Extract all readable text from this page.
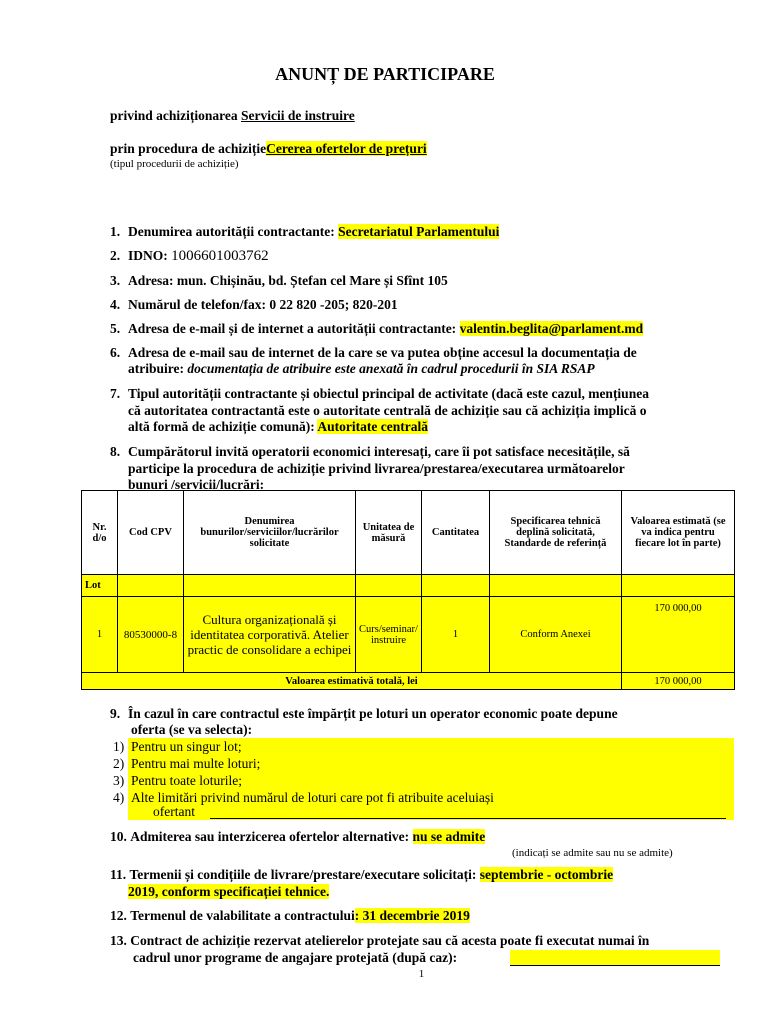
ANUNȚ DE PARTICIPARE
privind achiziționarea Servicii de instruire
prin procedura de achizițieCererea ofertelor de prețuri
(tipul procedurii de achiziție)
1. Denumirea autorității contractante: Secretariatul Parlamentului
2. IDNO: 1006601003762
3. Adresa: mun. Chișinău, bd. Ștefan cel Mare și Sfînt 105
4. Numărul de telefon/fax: 0 22 820 -205; 820-201
5. Adresa de e-mail și de internet a autorității contractante: valentin.beglita@parlament.md
6. Adresa de e-mail sau de internet de la care se va putea obține accesul la documentația de
atribuire: documentația de atribuire este anexată în cadrul procedurii în SIA RSAP
7. Tipul autorității contractante și obiectul principal de activitate (dacă este cazul, mențiunea
că autoritatea contractantă este o autoritate centrală de achiziție sau că achiziția implică o
altă formă de achiziție comună): Autoritate centrală
8. Cumpărătorul invită operatorii economici interesați, care îi pot satisface necesitățile, să
participe la procedura de achiziție privind livrarea/prestarea/executarea următoarelor
bunuri /servicii/lucrări:
Nr. d/o	Cod CPV	Denumirea bunurilor/serviciilor/lucrărilor solicitate	Unitatea de măsură	Cantitatea	Specificarea tehnică deplină solicitată, Standarde de referință	Valoarea estimată (se va indica pentru fiecare lot în parte)
Lot						
1	80530000-8	Cultura organizațională și identitatea corporativă. Atelier practic de consolidare a echipei	Curs/seminar/instruire	1	Conform Anexei	170 000,00
Valoarea estimativă totală, lei						170 000,00
9. În cazul în care contractul este împărțit pe loturi un operator economic poate depune
oferta (se va selecta):
1)  Pentru un singur lot;
2)  Pentru mai multe loturi;
3)  Pentru toate loturile;
4)  Alte limitări privind numărul de loturi care pot fi atribuite aceluiași
ofertant
10. Admiterea sau interzicerea ofertelor alternative: nu se admite
(indicați se admite sau nu se admite)
11. Termenii și condițiile de livrare/prestare/executare solicitați: septembrie - octombrie
2019, conform specificației tehnice.
12. Termenul de valabilitate a contractului: 31 decembrie 2019
13. Contract de achiziție rezervat atelierelor protejate sau că acesta poate fi executat numai în
cadrul unor programe de angajare protejată (după caz):
1
